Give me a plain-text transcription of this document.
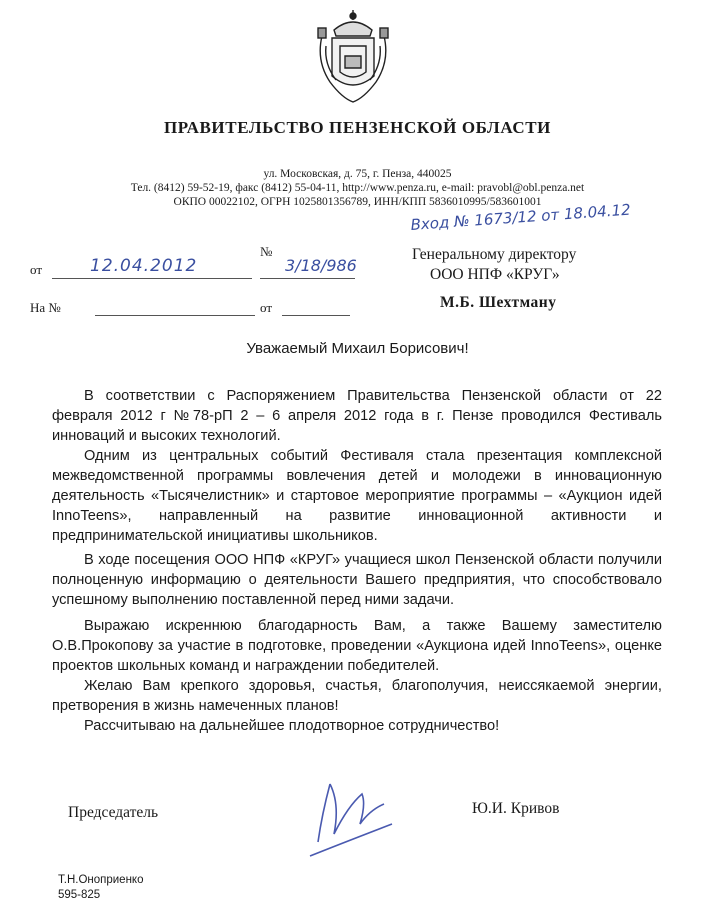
ПРАВИТЕЛЬСТВО ПЕНЗЕНСКОЙ ОБЛАСТИ
ул. Московская, д. 75, г. Пенза, 440025
Тел. (8412) 59-52-19, факс (8412) 55-04-11, http://www.penza.ru, e-mail: pravobl@obl.penza.net
ОКПО 00022102, ОГРН 1025801356789, ИНН/КПП 5836010995/583601001
Вход № 1673/12 от 18.04.12
от	12.04.2012
№
3/18/986
На №	от
Генеральному директору
ООО НПФ «КРУГ»
М.Б. Шехтману
Уважаемый Михаил Борисович!

В соответствии с Распоряжением Правительства Пензенской области от 22 февраля 2012 г №78-рП 2 – 6 апреля 2012 года в г. Пензе проводился Фестиваль инноваций и высоких технологий.

Одним из центральных событий Фестиваля стала презентация комплексной межведомственной программы вовлечения детей и молодежи в инновационную деятельность «Тысячелистник» и стартовое мероприятие программы – «Аукцион идей InnoTeens», направленный на развитие инновационной активности и предпринимательской инициативы школьников.

В ходе посещения ООО НПФ «КРУГ» учащиеся школ Пензенской области получили полноценную информацию о деятельности Вашего предприятия, что способствовало успешному выполнению поставленной перед ними задачи.

Выражаю искреннюю благодарность Вам, а также Вашему заместителю О.В.Прокопову за участие в подготовке, проведении «Аукциона идей InnoTeens», оценке проектов школьных команд и награждении победителей.

Желаю Вам крепкого здоровья, счастья, благополучия, неиссякаемой энергии, претворения в жизнь намеченных планов!

Рассчитываю на дальнейшее плодотворное сотрудничество!

Председатель	Ю.И. Кривов
Т.Н.Оноприенко
595-825
